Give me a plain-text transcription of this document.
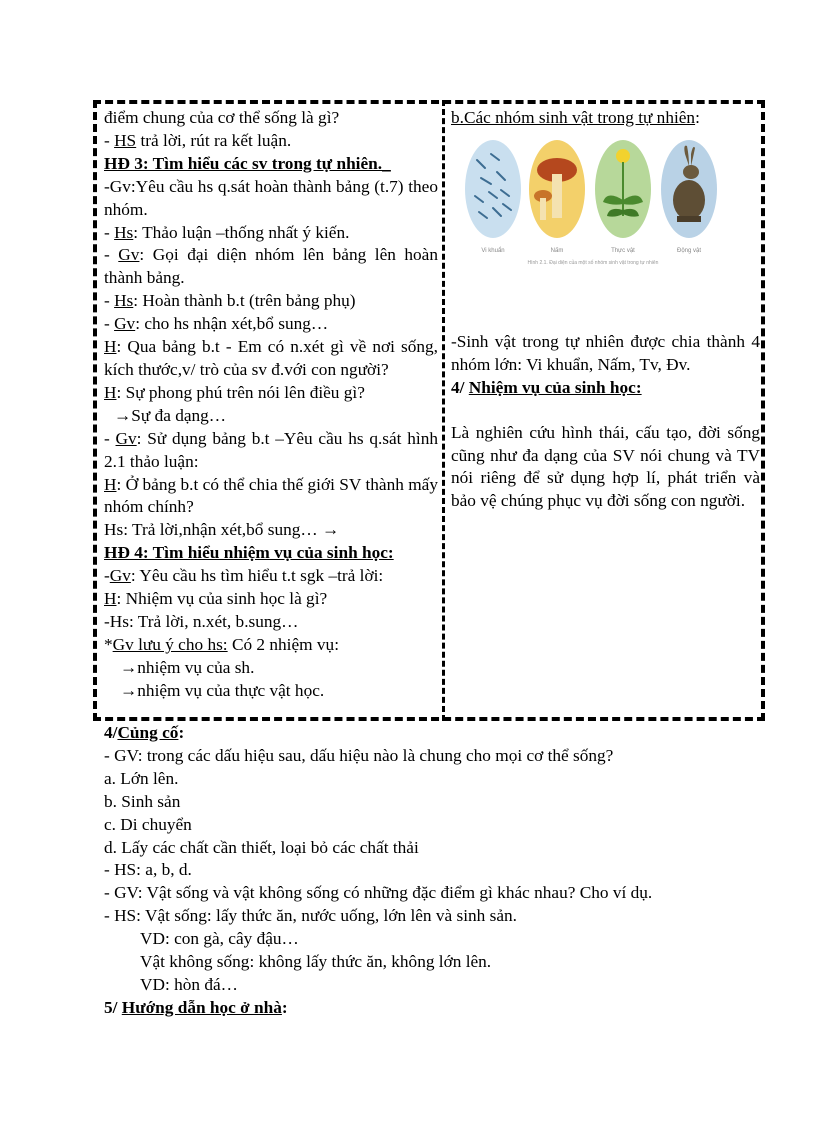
điểm chung của cơ thể sống là gì?

- HS trả lời, rút ra kết luận.

HĐ 3: Tìm hiểu các sv trong tự nhiên._

-Gv:Yêu cầu hs q.sát hoàn thành bảng (t.7) theo nhóm.

- Hs: Thảo luận –thống nhất ý kiến.

- Gv: Gọi đại diện nhóm lên bảng lên hoàn thành bảng.

- Hs: Hoàn thành b.t (trên bảng phụ)

- Gv: cho hs nhận xét,bổ sung…

H: Qua bảng b.t - Em có n.xét gì về nơi sống, kích thước,v/ trò của sv đ.với con người?

H: Sự phong phú trên nói lên điều gì?

→Sự đa dạng…

- Gv: Sử dụng bảng b.t –Yêu cầu hs q.sát hình 2.1 thảo luận:

H: Ở bảng b.t có thể chia thế giới SV thành mấy nhóm chính?

Hs: Trả lời,nhận xét,bổ sung… →

HĐ 4: Tìm hiểu nhiệm vụ của sinh học:

-Gv: Yêu cầu hs tìm hiểu t.t sgk –trả lời:

H: Nhiệm vụ của sinh học là gì?

-Hs: Trả lời, n.xét, b.sung…

*Gv lưu ý cho hs: Có 2 nhiệm vụ:

→nhiệm vụ của sh.

→nhiệm vụ của thực vật học.

b.Các nhóm sinh vật trong tự nhiên:

Vi khuẩn	Nấm	Thực vật	Động vật
Hình 2.1. Đại diện của một số nhóm sinh vật trong tự nhiên

-Sinh vật trong tự nhiên được chia thành 4 nhóm lớn: Vi khuẩn, Nấm, Tv, Đv.

4/ Nhiệm vụ của sinh học:

Là nghiên cứu hình thái, cấu tạo, đời sống cũng như đa dạng của SV nói chung và TV nói riêng để sử dụng hợp lí, phát triển và bảo vệ chúng phục vụ đời sống con người.

4/Củng cố:

- GV: trong các dấu hiệu sau, dấu hiệu nào là chung cho mọi cơ thể sống?

a. Lớn lên.

b. Sinh sản

c. Di chuyển

d. Lấy các chất cần thiết, loại bỏ các chất thải

- HS: a, b, d.

- GV: Vật sống và vật không sống có những đặc điểm gì khác nhau? Cho ví dụ.

- HS: Vật sống: lấy thức ăn, nước uống, lớn lên và sinh sản.

VD: con gà, cây đậu…

Vật không sống: không lấy thức ăn, không lớn lên.

VD: hòn đá…

5/ Hướng dẫn học ở nhà:
